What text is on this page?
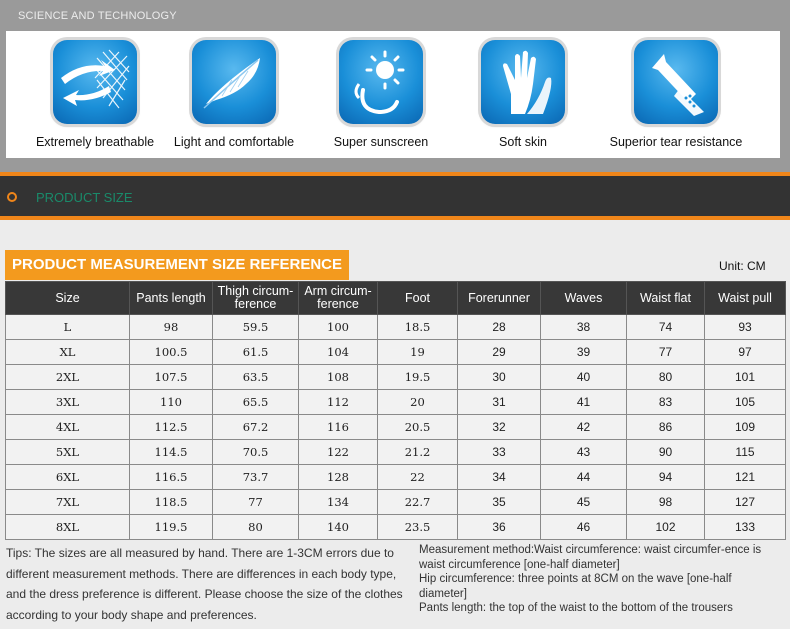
SCIENCE AND TECHNOLOGY
Extremely breathable	Light and comfortable	Super sunscreen	Soft skin	Superior tear resistance
PRODUCT SIZE
PRODUCT MEASUREMENT SIZE REFERENCE	Unit: CM
Size	Pants length	Thigh circum-ference	Arm circum-ference	Foot	Forerunner	Waves	Waist flat	Waist pull
L	98	59.5	100	18.5	28	38	74	93
XL	100.5	61.5	104	19	29	39	77	97
2XL	107.5	63.5	108	19.5	30	40	80	101
3XL	110	65.5	112	20	31	41	83	105
4XL	112.5	67.2	116	20.5	32	42	86	109
5XL	114.5	70.5	122	21.2	33	43	90	115
6XL	116.5	73.7	128	22	34	44	94	121
7XL	118.5	77	134	22.7	35	45	98	127
8XL	119.5	80	140	23.5	36	46	102	133
Tips: The sizes are all measured by hand. There are 1-3CM errors due to different measurement methods. There are differences in each body type, and the dress preference is different. Please choose the size of the clothes according to your body shape and preferences.
Measurement method:Waist circumference: waist circumfer-ence is waist circumference [one-half diameter]
Hip circumference: three points at 8CM on the wave [one-half diameter]
Pants length: the top of the waist to the bottom of the trousers
